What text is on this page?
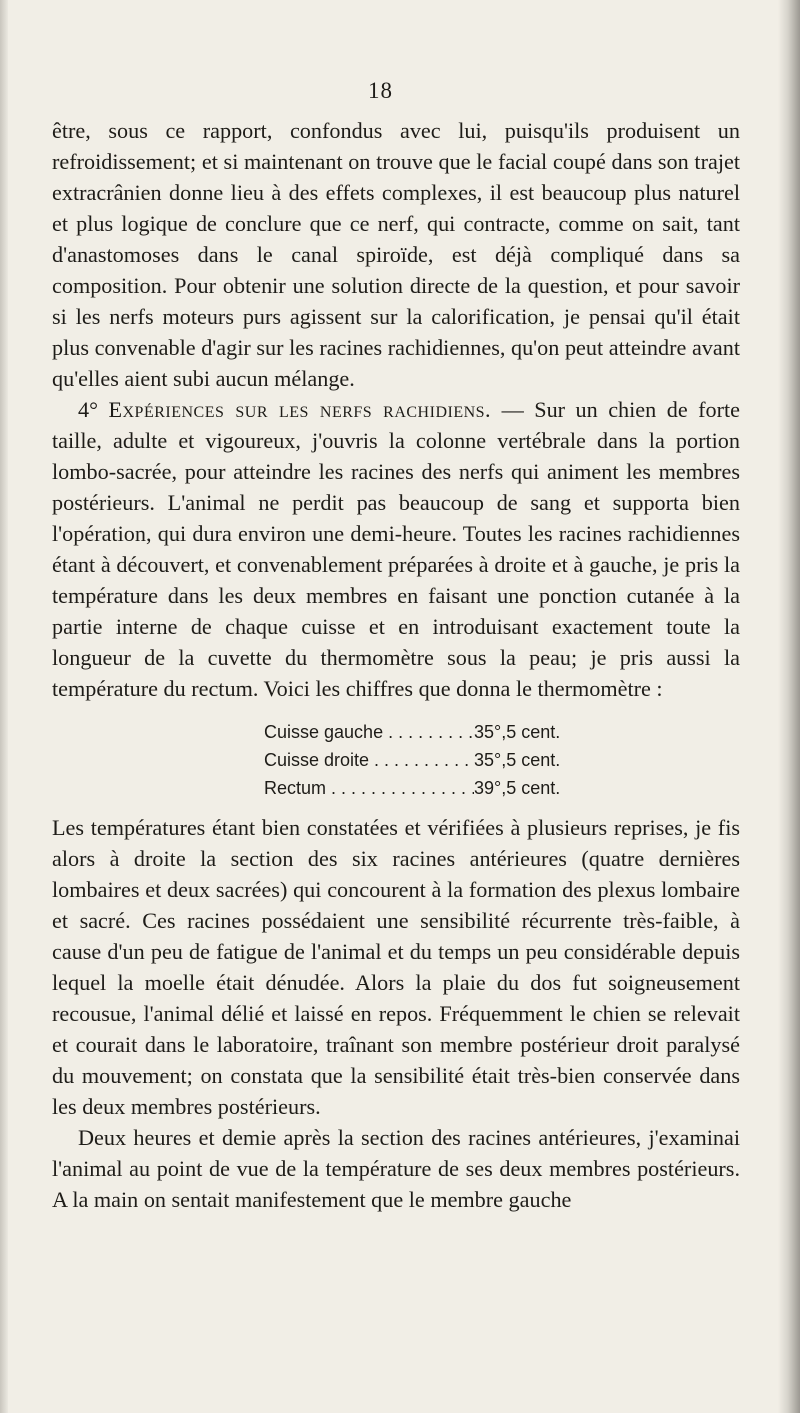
18

être, sous ce rapport, confondus avec lui, puisqu'ils produisent un refroidissement; et si maintenant on trouve que le facial coupé dans son trajet extracrânien donne lieu à des effets complexes, il est beaucoup plus naturel et plus logique de conclure que ce nerf, qui contracte, comme on sait, tant d'anastomoses dans le canal spiroïde, est déjà compliqué dans sa composition. Pour obtenir une solution directe de la question, et pour savoir si les nerfs moteurs purs agissent sur la calorification, je pensai qu'il était plus convenable d'agir sur les racines rachidiennes, qu'on peut atteindre avant qu'elles aient subi aucun mélange.

4° Expériences sur les nerfs rachidiens. — Sur un chien de forte taille, adulte et vigoureux, j'ouvris la colonne vertébrale dans la portion lombo-sacrée, pour atteindre les racines des nerfs qui animent les membres postérieurs. L'animal ne perdit pas beaucoup de sang et supporta bien l'opération, qui dura environ une demi-heure. Toutes les racines rachidiennes étant à découvert, et convenablement préparées à droite et à gauche, je pris la température dans les deux membres en faisant une ponction cutanée à la partie interne de chaque cuisse et en introduisant exactement toute la longueur de la cuvette du thermomètre sous la peau; je pris aussi la température du rectum. Voici les chiffres que donna le thermomètre :

Cuisse gauche . . .	35°,5 cent.
Cuisse droite . . .	35°,5 cent.
Rectum . . .	39°,5 cent.

Les températures étant bien constatées et vérifiées à plusieurs reprises, je fis alors à droite la section des six racines antérieures (quatre dernières lombaires et deux sacrées) qui concourent à la formation des plexus lombaire et sacré. Ces racines possédaient une sensibilité récurrente très-faible, à cause d'un peu de fatigue de l'animal et du temps un peu considérable depuis lequel la moelle était dénudée. Alors la plaie du dos fut soigneusement recousue, l'animal délié et laissé en repos. Fréquemment le chien se relevait et courait dans le laboratoire, traînant son membre postérieur droit paralysé du mouvement; on constata que la sensibilité était très-bien conservée dans les deux membres postérieurs.

Deux heures et demie après la section des racines antérieures, j'examinai l'animal au point de vue de la température de ses deux membres postérieurs. A la main on sentait manifestement que le membre gauche
